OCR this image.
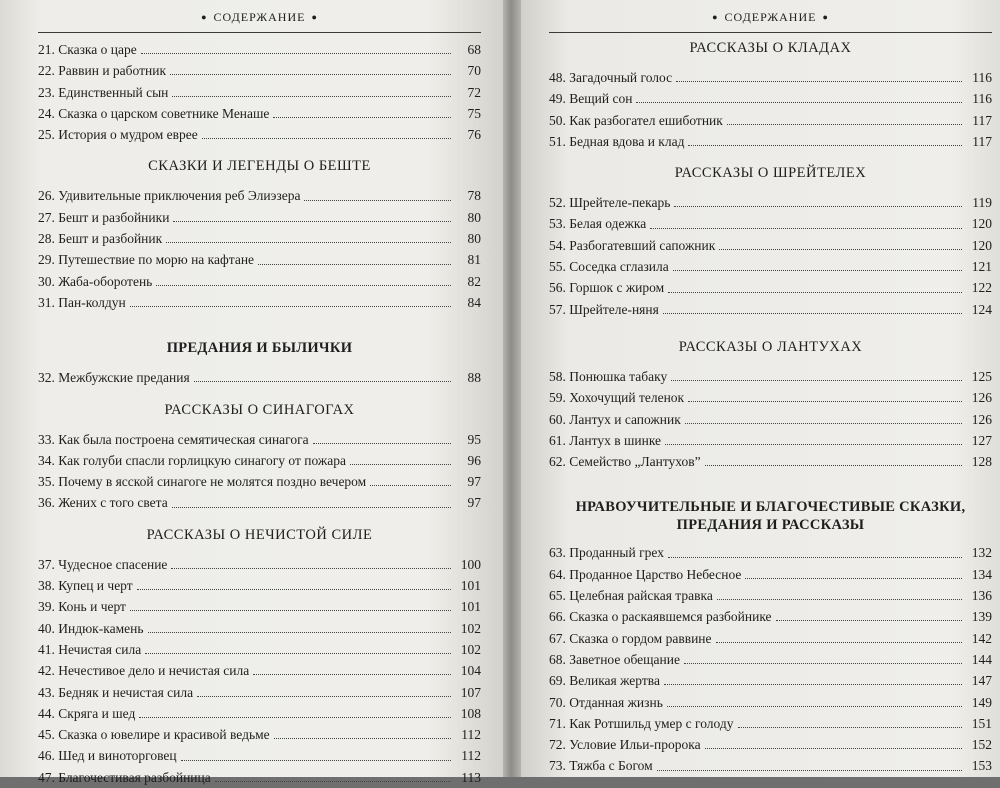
● СОДЕРЖАНИЕ ●
21. Сказка о царе	68
22. Раввин и работник	70
23. Единственный сын	72
24. Сказка о царском советнике Менаше	75
25. История о мудром еврее	76
СКАЗКИ И ЛЕГЕНДЫ О БЕШТЕ
26. Удивительные приключения реб Элиэзера	78
27. Бешт и разбойники	80
28. Бешт и разбойник	80
29. Путешествие по морю на кафтане	81
30. Жаба-оборотень	82
31. Пан-колдун	84
ПРЕДАНИЯ И БЫЛИЧКИ
32. Межбужские предания	88
РАССКАЗЫ О СИНАГОГАХ
33. Как была построена семятическая синагога	95
34. Как голуби спасли горлицкую синагогу от пожара	96
35. Почему в ясской синагоге не молятся поздно вечером	97
36. Жених с того света	97
РАССКАЗЫ О НЕЧИСТОЙ СИЛЕ
37. Чудесное спасение	100
38. Купец и черт	101
39. Конь и черт	101
40. Индюк-камень	102
41. Нечистая сила	102
42. Нечестивое дело и нечистая сила	104
43. Бедняк и нечистая сила	107
44. Скряга и шед	108
45. Сказка о ювелире и красивой ведьме	112
46. Шед и виноторговец	112
47. Благочестивая разбойница	113
● СОДЕРЖАНИЕ ●
РАССКАЗЫ О КЛАДАХ
48. Загадочный голос	116
49. Вещий сон	116
50. Как разбогател ешиботник	117
51. Бедная вдова и клад	117
РАССКАЗЫ О ШРЕЙТЕЛЕХ
52. Шрейтеле-пекарь	119
53. Белая одежка	120
54. Разбогатевший сапожник	120
55. Соседка сглазила	121
56. Горшок с жиром	122
57. Шрейтеле-няня	124
РАССКАЗЫ О ЛАНТУХАХ
58. Понюшка табаку	125
59. Хохочущий теленок	126
60. Лантух и сапожник	126
61. Лантух в шинке	127
62. Семейство „Лантухов”	128
НРАВОУЧИТЕЛЬНЫЕ И БЛАГОЧЕСТИВЫЕ СКАЗКИ, ПРЕДАНИЯ И РАССКАЗЫ
63. Проданный грех	132
64. Проданное Царство Небесное	134
65. Целебная райская травка	136
66. Сказка о раскаявшемся разбойнике	139
67. Сказка о гордом раввине	142
68. Заветное обещание	144
69. Великая жертва	147
70. Отданная жизнь	149
71. Как Ротшильд умер с голоду	151
72. Условие Ильи-пророка	152
73. Тяжба с Богом	153
